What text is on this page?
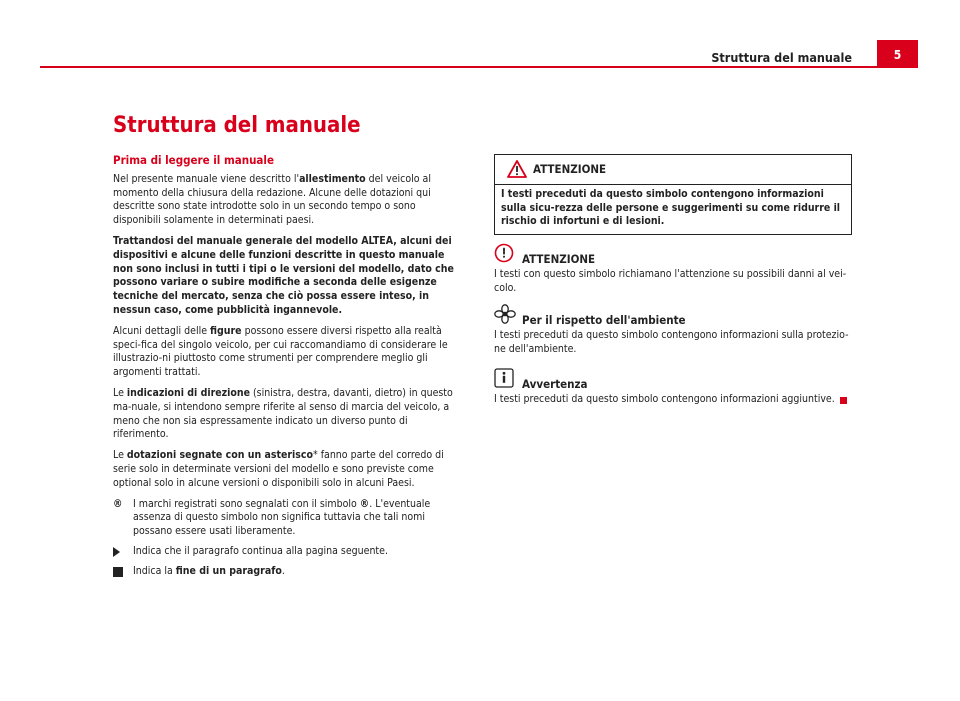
Struttura del manuale	5
Struttura del manuale
Prima di leggere il manuale

Nel presente manuale viene descritto l'allestimento del veicolo al momento della chiusura della redazione. Alcune delle dotazioni qui descritte sono state introdotte solo in un secondo tempo o sono disponibili solamente in determinati paesi.

Trattandosi del manuale generale del modello ALTEA, alcuni dei dispositivi e alcune delle funzioni descritte in questo manuale non sono inclusi in tutti i tipi o le versioni del modello, dato che possono variare o subire modifiche a seconda delle esigenze tecniche del mercato, senza che ciò possa essere inteso, in nessun caso, come pubblicità ingannevole.

Alcuni dettagli delle figure possono essere diversi rispetto alla realtà speci-fica del singolo veicolo, per cui raccomandiamo di considerare le illustrazio-ni piuttosto come strumenti per comprendere meglio gli argomenti trattati.

Le indicazioni di direzione (sinistra, destra, davanti, dietro) in questo ma-nuale, si intendono sempre riferite al senso di marcia del veicolo, a meno che non sia espressamente indicato un diverso punto di riferimento.

Le dotazioni segnate con un asterisco* fanno parte del corredo di serie solo in determinate versioni del modello e sono previste come optional solo in alcune versioni o disponibili solo in alcuni Paesi.

®	I marchi registrati sono segnalati con il simbolo ®. L'eventuale assenza di questo simbolo non significa tuttavia che tali nomi possano essere usati liberamente.
Indica che il paragrafo continua alla pagina seguente.
Indica la fine di un paragrafo.
ATTENZIONE
I testi preceduti da questo simbolo contengono informazioni sulla sicu-rezza delle persone e suggerimenti su come ridurre il rischio di infortuni e di lesioni.
ATTENZIONE
I testi con questo simbolo richiamano l'attenzione su possibili danni al vei-colo.
Per il rispetto dell'ambiente
I testi preceduti da questo simbolo contengono informazioni sulla protezio-ne dell'ambiente.
Avvertenza
I testi preceduti da questo simbolo contengono informazioni aggiuntive.
